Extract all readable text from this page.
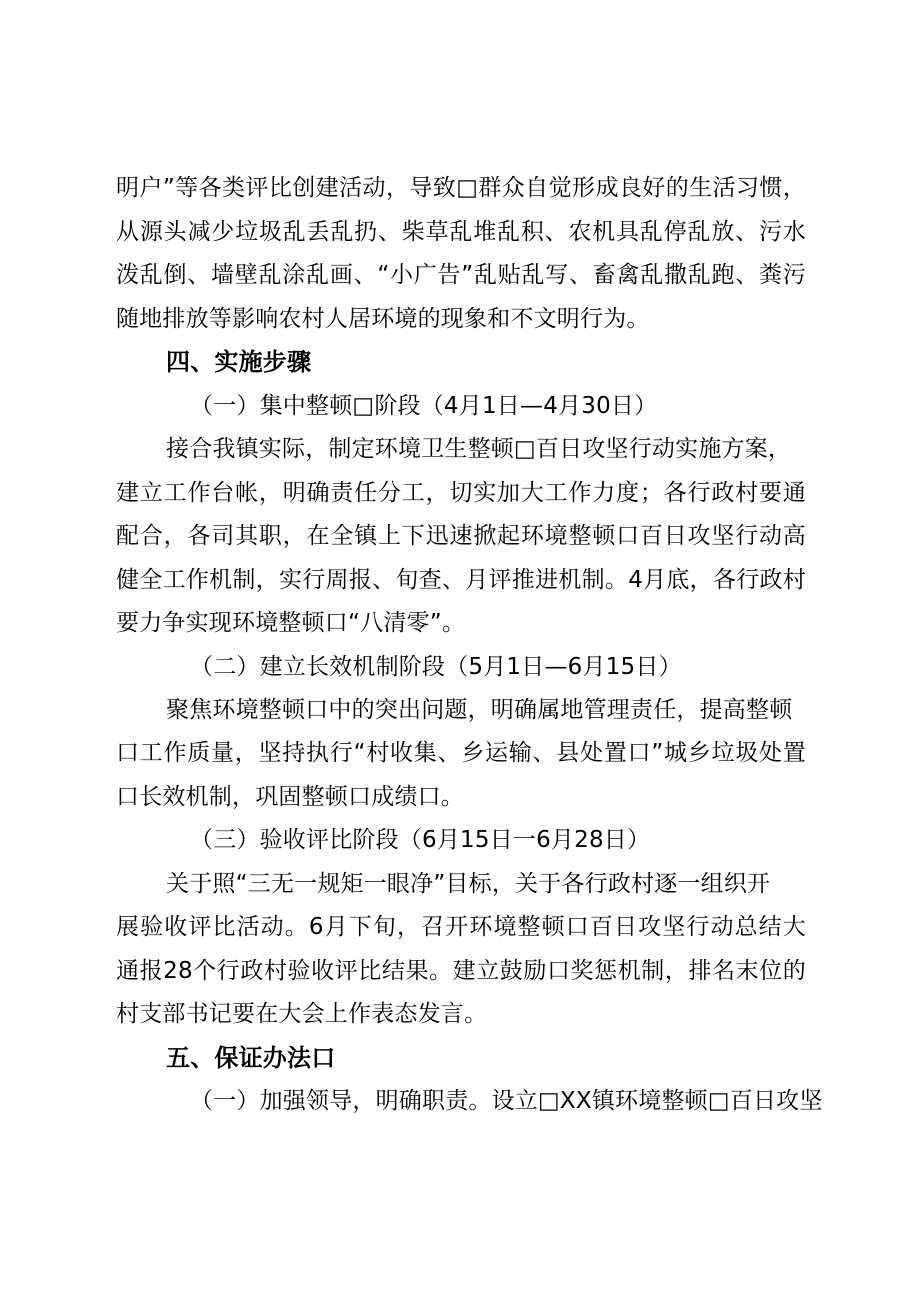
明户”等各类评比创建活动，导致□群众自觉形成良好的生活习惯，
从源头减少垃圾乱丢乱扔、柴草乱堆乱积、农机具乱停乱放、污水
泼乱倒、墙壁乱涂乱画、“小广告”乱贴乱写、畜禽乱撒乱跑、粪污
随地排放等影响农村人居环境的现象和不文明行为。
四、实施步骤
（一）集中整顿□阶段（4月1日—4月30日）
接合我镇实际，制定环境卫生整顿□百日攻坚行动实施方案，
建立工作台帐，明确责任分工，切实加大工作力度；各行政村要通
配合，各司其职，在全镇上下迅速掀起环境整顿口百日攻坚行动高
健全工作机制，实行周报、旬查、月评推进机制。4月底，各行政村
要力争实现环境整顿口“八清零”。
（二）建立长效机制阶段（5月1日—6月15日）
聚焦环境整顿口中的突出问题，明确属地管理责任，提高整顿
口工作质量，坚持执行“村收集、乡运输、县处置口”城乡垃圾处置
口长效机制，巩固整顿口成绩口。
（三）验收评比阶段（6月15日一6月28日）
关于照“三无一规矩一眼净”目标，关于各行政村逐一组织开
展验收评比活动。6月下旬，召开环境整顿口百日攻坚行动总结大
通报28个行政村验收评比结果。建立鼓励口奖惩机制，排名末位的
村支部书记要在大会上作表态发言。
五、保证办法口
（一）加强领导，明确职责。设立□XX镇环境整顿□百日攻坚
